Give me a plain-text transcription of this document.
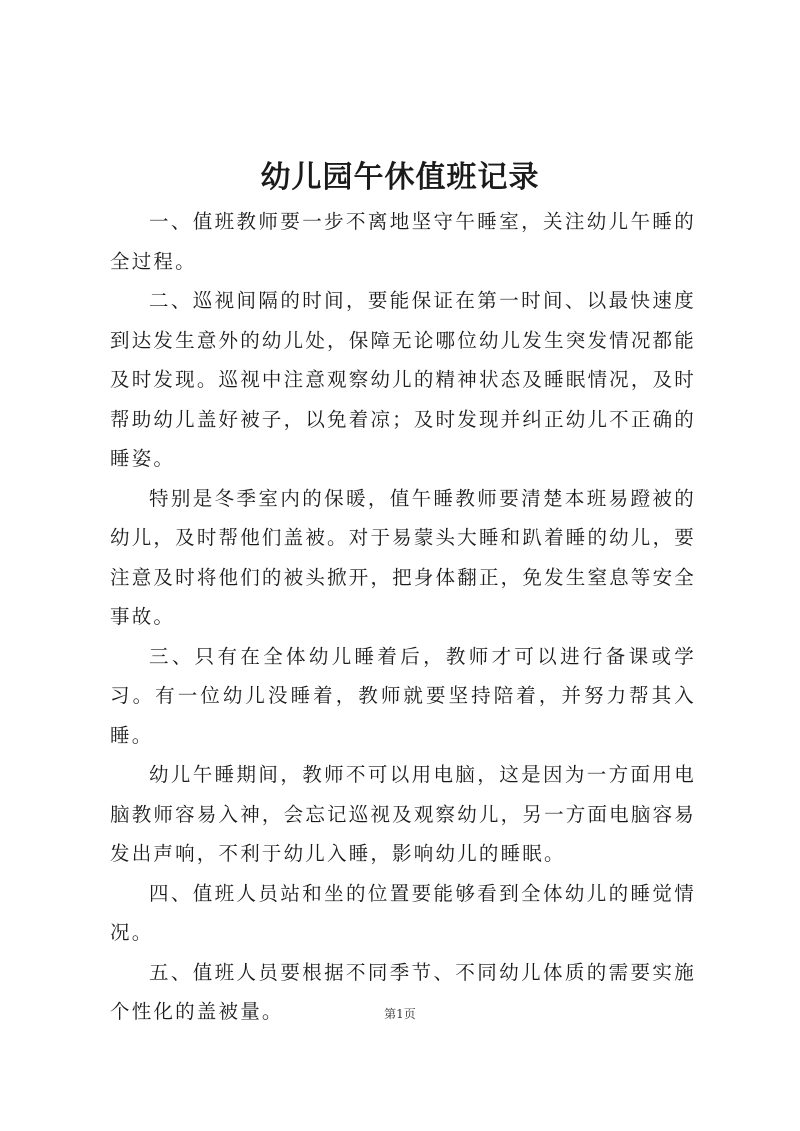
幼儿园午休值班记录

一、值班教师要一步不离地坚守午睡室，关注幼儿午睡的全过程。

二、巡视间隔的时间，要能保证在第一时间、以最快速度到达发生意外的幼儿处，保障无论哪位幼儿发生突发情况都能及时发现。巡视中注意观察幼儿的精神状态及睡眠情况，及时帮助幼儿盖好被子，以免着凉；及时发现并纠正幼儿不正确的睡姿。

特别是冬季室内的保暖，值午睡教师要清楚本班易蹬被的幼儿，及时帮他们盖被。对于易蒙头大睡和趴着睡的幼儿，要注意及时将他们的被头掀开，把身体翻正，免发生窒息等安全事故。

三、只有在全体幼儿睡着后，教师才可以进行备课或学习。有一位幼儿没睡着，教师就要坚持陪着，并努力帮其入睡。

幼儿午睡期间，教师不可以用电脑，这是因为一方面用电脑教师容易入神，会忘记巡视及观察幼儿，另一方面电脑容易发出声响，不利于幼儿入睡，影响幼儿的睡眠。

四、值班人员站和坐的位置要能够看到全体幼儿的睡觉情况。

五、值班人员要根据不同季节、不同幼儿体质的需要实施个性化的盖被量。	第1页
